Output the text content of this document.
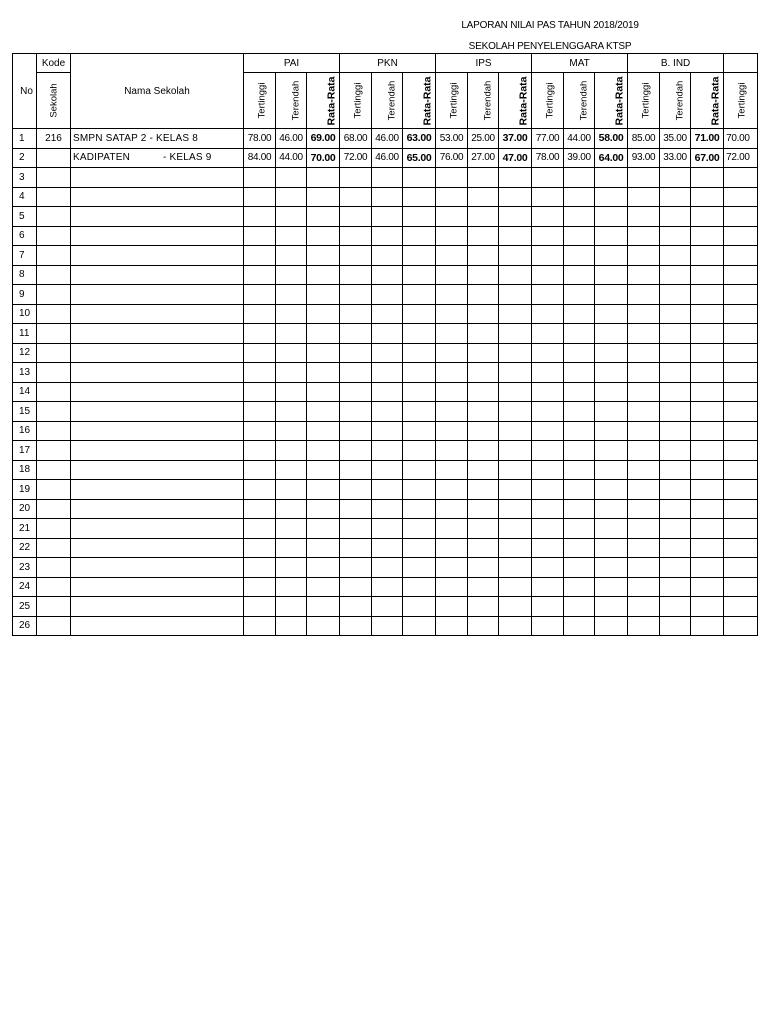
LAPORAN NILAI PAS TAHUN 2018/2019
SEKOLAH PENYELENGGARA KTSP
No	Kode	Nama Sekolah	PAI			PKN			IPS			MAT			B. IND			
	Sekolah		Tertinggi	Terendah	Rata-Rata	Tertinggi	Terendah	Rata-Rata	Tertinggi	Terendah	Rata-Rata	Tertinggi	Terendah	Rata-Rata	Tertinggi	Terendah	Rata-Rata	Tertinggi
1	216	SMPN SATAP 2 - KELAS 8	78.00	46.00	69.00	68.00	46.00	63.00	53.00	25.00	37.00	77.00	44.00	58.00	85.00	35.00	71.00	70.00
2		KADIPATEN - KELAS 9	84.00	44.00	70.00	72.00	46.00	65.00	76.00	27.00	47.00	78.00	39.00	64.00	93.00	33.00	67.00	72.00
3																		
4																		
5																		
6																		
7																		
8																		
9																		
10																		
11																		
12																		
13																		
14																		
15																		
16																		
17																		
18																		
19																		
20																		
21																		
22																		
23																		
24																		
25																		
26																		
